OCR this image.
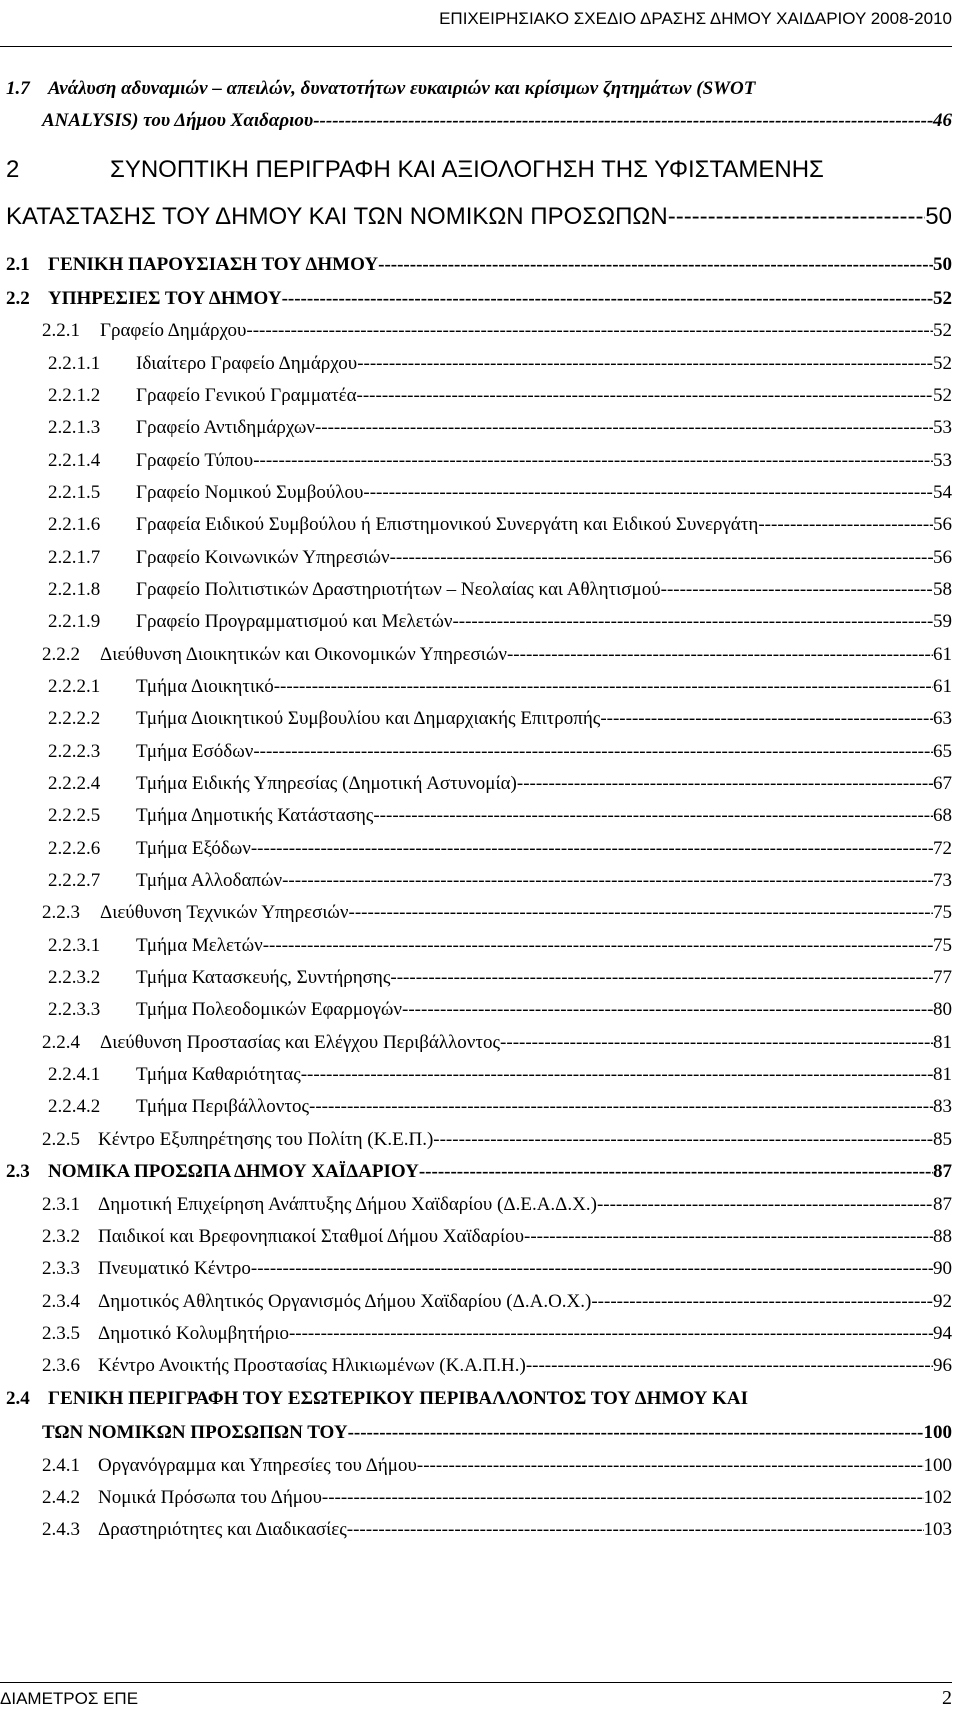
ΕΠΙΧΕΙΡΗΣΙΑΚΟ ΣΧΕΔΙΟ ΔΡΑΣΗΣ ΔΗΜΟΥ ΧΑΙΔΑΡΙΟΥ 2008-2010
1.7 Ανάλυση αδυναμιών – απειλών, δυνατοτήτων ευκαιριών και κρίσιμων ζητημάτων (SWOT
ANALYSIS) του Δήμου Χαιδαριου -----	46
2	ΣΥΝΟΠΤΙΚΗ ΠΕΡΙΓΡΑΦΗ ΚΑΙ ΑΞΙΟΛΟΓΗΣΗ ΤΗΣ ΥΦΙΣΤΑΜΕΝΗΣ
ΚΑΤΑΣΤΑΣΗΣ ΤΟΥ ΔΗΜΟΥ ΚΑΙ ΤΩΝ ΝΟΜΙΚΩΝ ΠΡΟΣΩΠΩΝ -----	50
2.1 ΓΕΝΙΚΗ ΠΑΡΟΥΣΙΑΣΗ ΤΟΥ ΔΗΜΟΥ -----	50
2.2 ΥΠΗΡΕΣΙΕΣ ΤΟΥ ΔΗΜΟΥ -----	52
2.2.1	Γραφείο Δημάρχου -----	52
2.2.1.1	Ιδιαίτερο Γραφείο Δημάρχου -----	52
2.2.1.2	Γραφείο Γενικού Γραμματέα -----	52
2.2.1.3	Γραφείο Αντιδημάρχων -----	53
2.2.1.4	Γραφείο Τύπου -----	53
2.2.1.5	Γραφείο Νομικού Συμβούλου -----	54
2.2.1.6	Γραφεία Ειδικού Συμβούλου ή Επιστημονικού Συνεργάτη και Ειδικού Συνεργάτη -----	56
2.2.1.7	Γραφείο Κοινωνικών Υπηρεσιών -----	56
2.2.1.8	Γραφείο Πολιτιστικών Δραστηριοτήτων – Νεολαίας και Αθλητισμού -----	58
2.2.1.9	Γραφείο Προγραμματισμού και Μελετών -----	59
2.2.2	Διεύθυνση Διοικητικών και Οικονομικών Υπηρεσιών -----	61
2.2.2.1	Τμήμα Διοικητικό -----	61
2.2.2.2	Τμήμα Διοικητικού Συμβουλίου και Δημαρχιακής Επιτροπής -----	63
2.2.2.3	Τμήμα Εσόδων -----	65
2.2.2.4	Τμήμα Ειδικής Υπηρεσίας (Δημοτική Αστυνομία) -----	67
2.2.2.5	Τμήμα Δημοτικής Κατάστασης -----	68
2.2.2.6	Τμήμα Εξόδων -----	72
2.2.2.7	Τμήμα Αλλοδαπών -----	73
2.2.3	Διεύθυνση Τεχνικών Υπηρεσιών -----	75
2.2.3.1	Τμήμα Μελετών -----	75
2.2.3.2	Τμήμα Κατασκευής, Συντήρησης -----	77
2.2.3.3	Τμήμα Πολεοδομικών Εφαρμογών -----	80
2.2.4	Διεύθυνση Προστασίας και Ελέγχου Περιβάλλοντος -----	81
2.2.4.1	Τμήμα Καθαριότητας -----	81
2.2.4.2	Τμήμα Περιβάλλοντος -----	83
2.2.5 Κέντρο Εξυπηρέτησης του Πολίτη (Κ.Ε.Π.) -----	85
2.3 ΝΟΜΙΚΑ ΠΡΟΣΩΠΑ ΔΗΜΟΥ ΧΑΪΔΑΡΙΟΥ -----	87
2.3.1 Δημοτική Επιχείρηση Ανάπτυξης Δήμου Χαϊδαρίου (Δ.Ε.Α.Δ.Χ.) -----	87
2.3.2 Παιδικοί και Βρεφονηπιακοί Σταθμοί Δήμου Χαϊδαρίου -----	88
2.3.3 Πνευματικό Κέντρο -----	90
2.3.4 Δημοτικός Αθλητικός Οργανισμός Δήμου Χαϊδαρίου (Δ.Α.Ο.Χ.) -----	92
2.3.5 Δημοτικό Κολυμβητήριο -----	94
2.3.6 Κέντρο Ανοικτής Προστασίας Ηλικιωμένων (Κ.Α.Π.Η.) -----	96
2.4 ΓΕΝΙΚΗ ΠΕΡΙΓΡΑΦΗ ΤΟΥ ΕΣΩΤΕΡΙΚΟΥ ΠΕΡΙΒΑΛΛΟΝΤΟΣ ΤΟΥ ΔΗΜΟΥ ΚΑΙ
ΤΩΝ ΝΟΜΙΚΩΝ ΠΡΟΣΩΠΩΝ ΤΟΥ -----	100
2.4.1 Οργανόγραμμα και Υπηρεσίες του Δήμου -----	100
2.4.2 Νομικά Πρόσωπα του Δήμου -----	102
2.4.3 Δραστηριότητες και Διαδικασίες -----	103
ΔΙΑΜΕΤΡΟΣ ΕΠΕ	2
